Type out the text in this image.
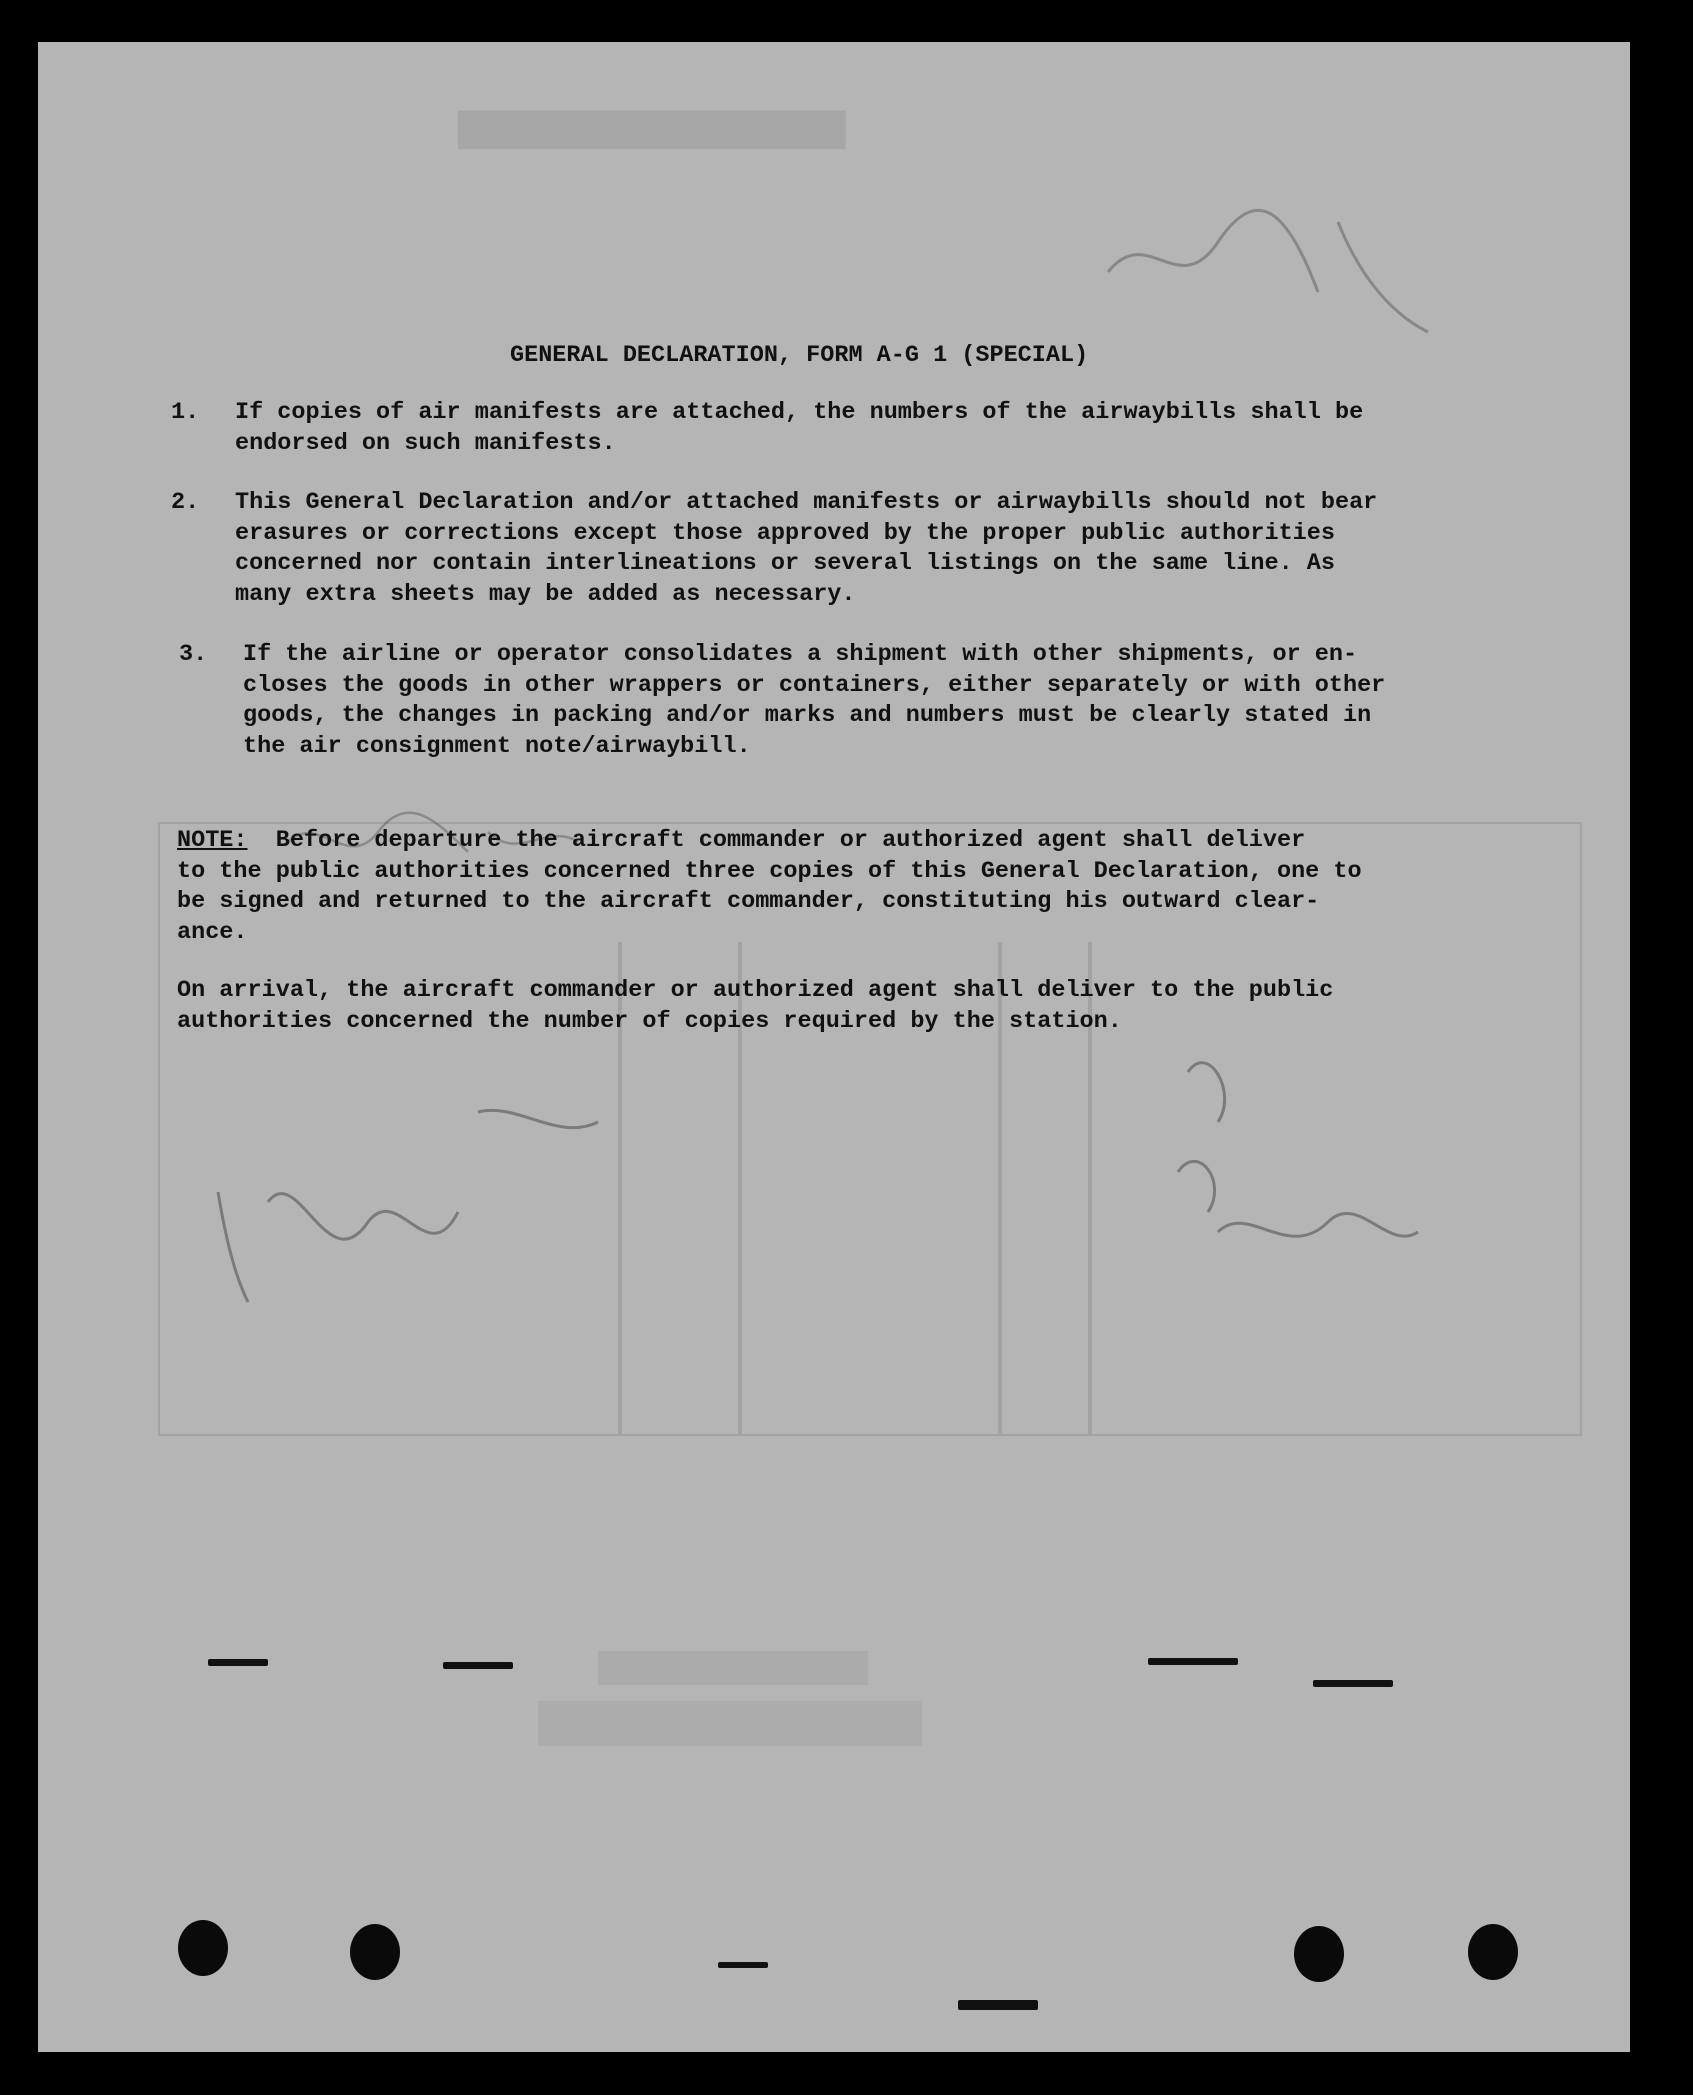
███████████████████
███████████████
████████████████
GENERAL DECLARATION, FORM A-G 1 (SPECIAL)
1. If copies of air manifests are attached, the numbers of the airwaybills shall be
endorsed on such manifests.
2. This General Declaration and/or attached manifests or airwaybills should not bear
erasures or corrections except those approved by the proper public authorities
concerned nor contain interlineations or several listings on the same line. As
many extra sheets may be added as necessary.
3. If the airline or operator consolidates a shipment with other shipments, or en-
closes the goods in other wrappers or containers, either separately or with other
goods, the changes in packing and/or marks and numbers must be clearly stated in
the air consignment note/airwaybill.
NOTE:  Before departure the aircraft commander or authorized agent shall deliver
to the public authorities concerned three copies of this General Declaration, one to
be signed and returned to the aircraft commander, constituting his outward clear-
ance.
On arrival, the aircraft commander or authorized agent shall deliver to the public
authorities concerned the number of copies required by the station.
